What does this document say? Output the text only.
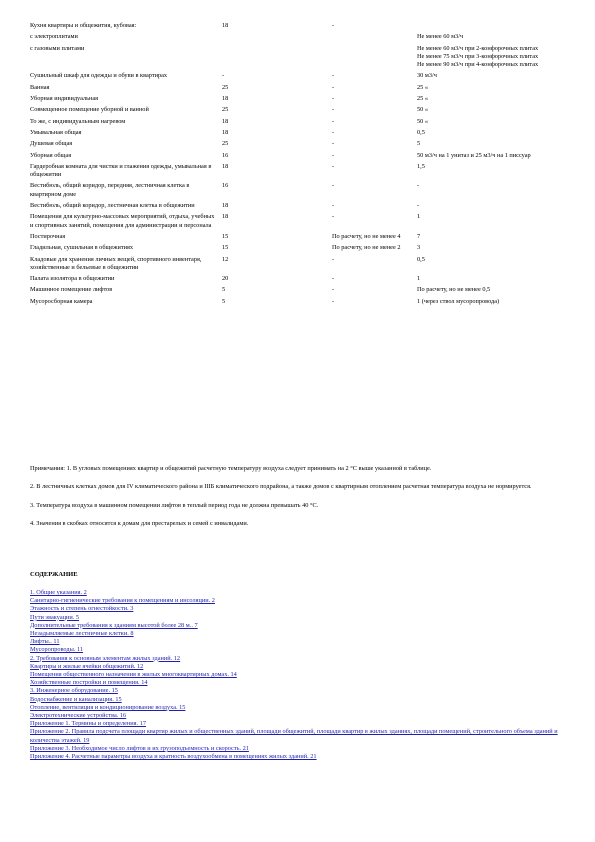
Кухня квартиры и общежития, кубовая:	18	-	
с электроплитами			Не менее 60 м3/ч
с газовыми плитами			Не менее 60 м3/ч при 2-конфорочных плитах
Не менее 75 м3/ч при 3-конфорочных плитах
Не менее 90 м3/ч при 4-конфорочных плитах
Сушильный шкаф для одежды и обуви в квартирах	-	-	30 м3/ч
Ванная	25	-	25 «
Уборная индивидуальная	18	-	25 «
Совмещенное помещение уборной и ванной	25	-	50 «
То же, с индивидуальным нагревом	18	-	50 «
Умывальная общая	18	-	0,5
Душевая общая	25	-	5
Уборная общая	16	-	50 м3/ч на 1 унитаз и 25 м3/ч на 1 писсуар
Гардеробная комната для чистки и глажения одежды, умывальная в общежитии	18	-	1,5
Вестибюль, общий коридор, передняя, лестничная клетка в квартирном доме	16	-	-
Вестибюль, общий коридор, лестничная клетка в общежитии	18	-	-
Помещения для культурно-массовых мероприятий, отдыха, учебных и спортивных занятий, помещения для администрации и персонала	18	-	1
Постирочная	15	По расчету, но не менее 4	7
Гладильная, сушильная в общежитиях	15	По расчету, но не менее 2	3
Кладовые для хранения личных вещей, спортивного инвентаря, хозяйственные и бельевые в общежитии	12	-	0,5
Палата изолятора в общежитии	20	-	1
Машинное помещение лифтов	5	-	По расчету, но не менее 0,5
Мусоросборная камера	5	-	1 (через ствол мусоропровода)

Примечания: 1. В угловых помещениях квартир и общежитий расчетную температуру воздуха следует принимать на 2 °С выше указанной в таблице.

2. В лестничных клетках домов для IV климатического района и IIIБ климатического подрайона, а также домов с квартирным отоплением расчетная температура воздуха не нормируется.

3. Температура воздуха в машинном помещении лифтов в теплый период года не должна превышать 40 °С.

4. Значения в скобках относятся к домам для престарелых и семей с инвалидами.

СОДЕРЖАНИЕ
1. Общие указания. 2
Санитарно-гигиенические требования к помещениям и инсоляции. 2
Этажность и степень огнестойкости. 3
Пути эвакуации. 5
Дополнительные требования к зданиям высотой более 28 м.. 7
Незадымляемые лестничные клетки. 8
Лифты.. 11
Мусоропроводы. 11
2. Требования к основным элементам жилых зданий. 12
Квартиры и жилые ячейки общежитий. 12
Помещения общественного назначения в жилых многоквартирных домах. 14
Хозяйственные постройки и помещения. 14
3. Инженерное оборудование. 15
Водоснабжение и канализация. 15
Отопление, вентиляция и кондиционирование воздуха. 15
Электротехнические устройства. 16
Приложение 1. Термины и определения. 17
Приложение 2. Правила подсчета площади квартир жилых и общественных зданий, площади общежитий, площади квартир в жилых зданиях, площади помещений, строительного объема зданий и количества этажей. 19
Приложение 3. Необходимое число лифтов и их грузоподъемность и скорость. 21
Приложение 4. Расчетные параметры воздуха и кратность воздухообмена в помещениях жилых зданий. 21
